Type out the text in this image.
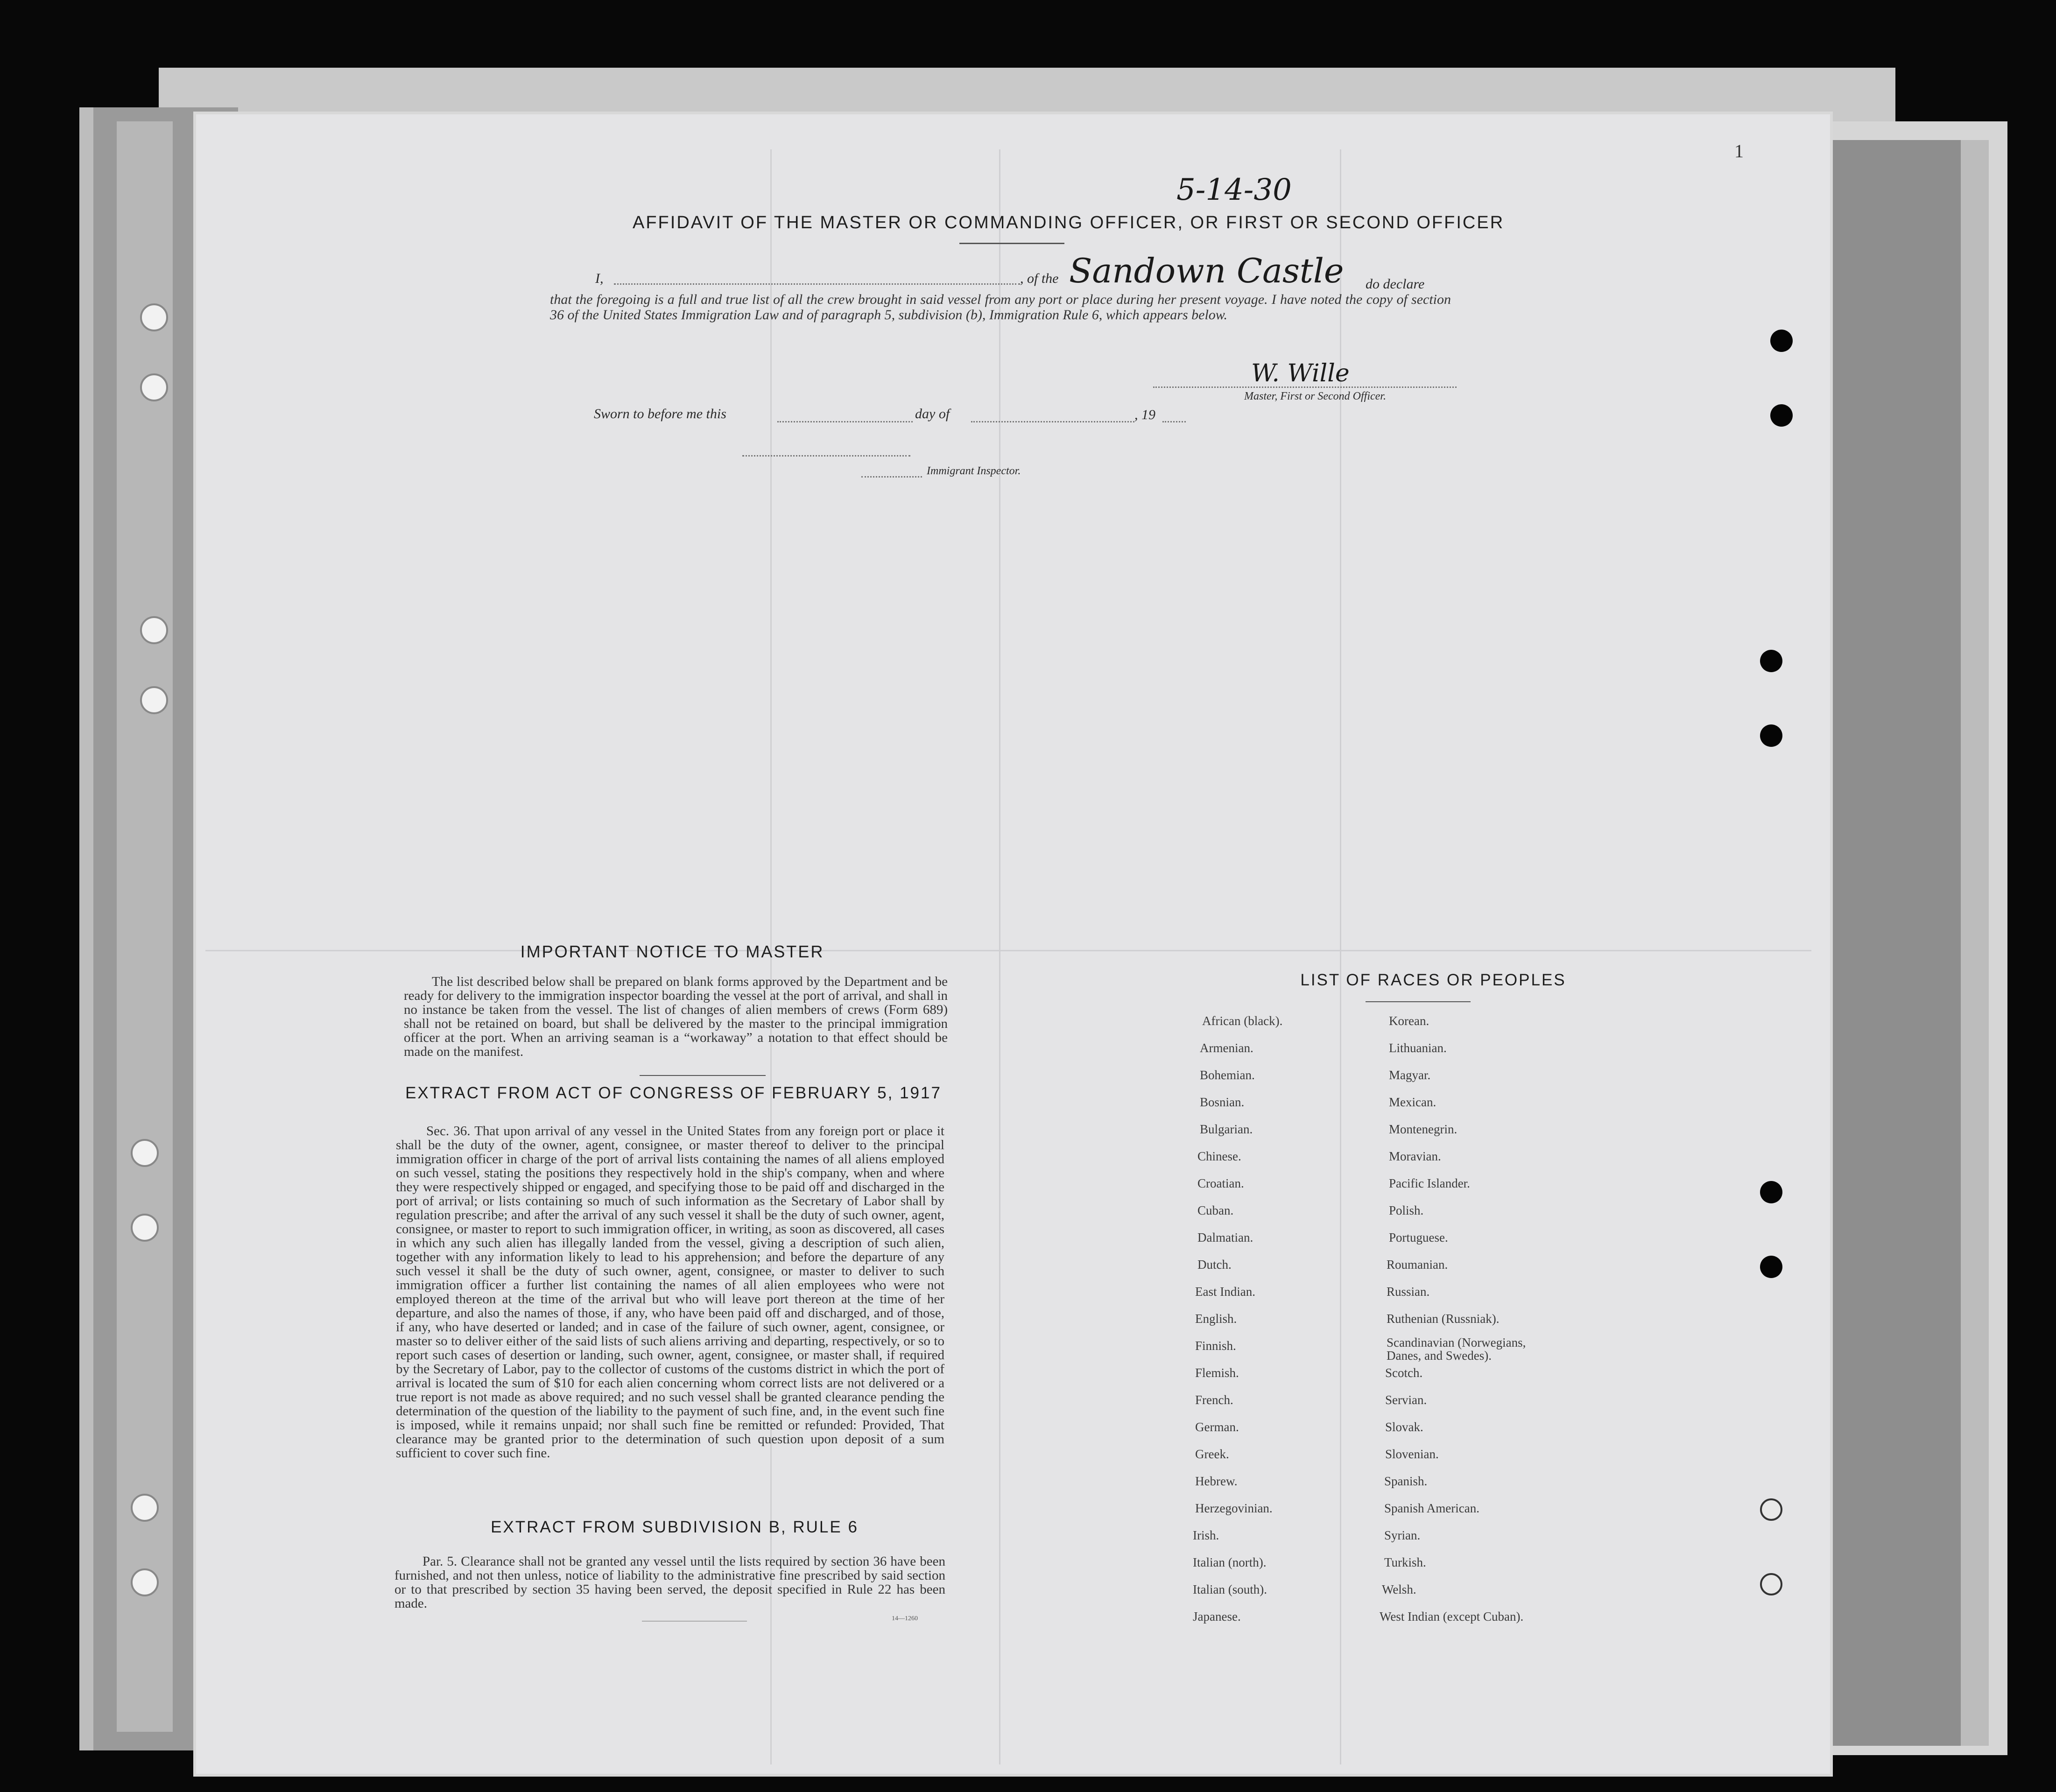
1
5-14-30
AFFIDAVIT OF THE MASTER OR COMMANDING OFFICER, OR FIRST OR SECOND OFFICER
I,	, of the Sandown Castle	do declare
that the foregoing is a full and true list of all the crew brought in said vessel from any port or place during her present voyage. I have noted the copy of section 36 of the United States Immigration Law and of paragraph 5, subdivision (b), Immigration Rule 6, which appears below.
W. Wille
Master, First or Second Officer.
Sworn to before me this	day of	, 19
Immigrant Inspector.
IMPORTANT NOTICE TO MASTER
The list described below shall be prepared on blank forms approved by the Department and be ready for delivery to the immigration inspector boarding the vessel at the port of arrival, and shall in no instance be taken from the vessel. The list of changes of alien members of crews (Form 689) shall not be retained on board, but shall be delivered by the master to the principal immigration officer at the port. When an arriving seaman is a “workaway” a notation to that effect should be made on the manifest.
EXTRACT FROM ACT OF CONGRESS OF FEBRUARY 5, 1917
Sec. 36. That upon arrival of any vessel in the United States from any foreign port or place it shall be the duty of the owner, agent, consignee, or master thereof to deliver to the principal immigration officer in charge of the port of arrival lists containing the names of all aliens employed on such vessel, stating the positions they respectively hold in the ship's company, when and where they were respectively shipped or engaged, and specifying those to be paid off and discharged in the port of arrival; or lists containing so much of such information as the Secretary of Labor shall by regulation prescribe; and after the arrival of any such vessel it shall be the duty of such owner, agent, consignee, or master to report to such immigration officer, in writing, as soon as discovered, all cases in which any such alien has illegally landed from the vessel, giving a description of such alien, together with any information likely to lead to his apprehension; and before the departure of any such vessel it shall be the duty of such owner, agent, consignee, or master to deliver to such immigration officer a further list containing the names of all alien employees who were not employed thereon at the time of the arrival but who will leave port thereon at the time of her departure, and also the names of those, if any, who have been paid off and discharged, and of those, if any, who have deserted or landed; and in case of the failure of such owner, agent, consignee, or master so to deliver either of the said lists of such aliens arriving and departing, respectively, or so to report such cases of desertion or landing, such owner, agent, consignee, or master shall, if required by the Secretary of Labor, pay to the collector of customs of the customs district in which the port of arrival is located the sum of $10 for each alien concerning whom correct lists are not delivered or a true report is not made as above required; and no such vessel shall be granted clearance pending the determination of the question of the liability to the payment of such fine, and, in the event such fine is imposed, while it remains unpaid; nor shall such fine be remitted or refunded: Provided, That clearance may be granted prior to the determination of such question upon deposit of a sum sufficient to cover such fine.
EXTRACT FROM SUBDIVISION B, RULE 6
Par. 5. Clearance shall not be granted any vessel until the lists required by section 36 have been furnished, and not then unless, notice of liability to the administrative fine prescribed by said section or to that prescribed by section 35 having been served, the deposit specified in Rule 22 has been made.
14—1260
LIST OF RACES OR PEOPLES
African (black).
Armenian.
Bohemian.
Bosnian.
Bulgarian.
Chinese.
Croatian.
Cuban.
Dalmatian.
Dutch.
East Indian.
English.
Finnish.
Flemish.
French.
German.
Greek.
Hebrew.
Herzegovinian.
Irish.
Italian (north).
Italian (south).
Japanese.
Korean.
Lithuanian.
Magyar.
Mexican.
Montenegrin.
Moravian.
Pacific Islander.
Polish.
Portuguese.
Roumanian.
Russian.
Ruthenian (Russniak).
Scandinavian (Norwegians, Danes, and Swedes).
Scotch.
Servian.
Slovak.
Slovenian.
Spanish.
Spanish American.
Syrian.
Turkish.
Welsh.
West Indian (except Cuban).
